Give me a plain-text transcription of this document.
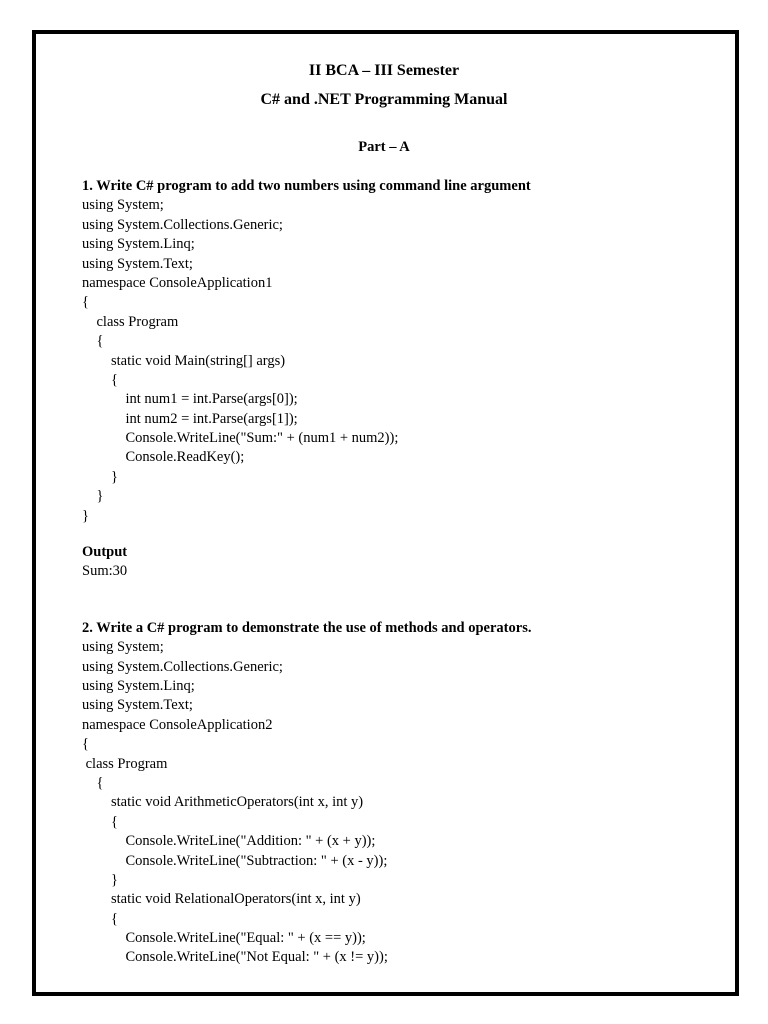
II BCA – III Semester
C# and .NET Programming Manual
Part – A
1. Write C# program to add two numbers using command line argument
using System;
using System.Collections.Generic;
using System.Linq;
using System.Text;
namespace ConsoleApplication1
{
class Program
{
static void Main(string[] args)
{
int num1 = int.Parse(args[0]);
int num2 = int.Parse(args[1]);
Console.WriteLine("Sum:" + (num1 + num2));
Console.ReadKey();
}
}
}
Output
Sum:30
2. Write a C# program to demonstrate the use of methods and operators.
using System;
using System.Collections.Generic;
using System.Linq;
using System.Text;
namespace ConsoleApplication2
{
class Program
{
static void ArithmeticOperators(int x, int y)
{
Console.WriteLine("Addition: " + (x + y));
Console.WriteLine("Subtraction: " + (x - y));
}
static void RelationalOperators(int x, int y)
{
Console.WriteLine("Equal: " + (x == y));
Console.WriteLine("Not Equal: " + (x != y));
